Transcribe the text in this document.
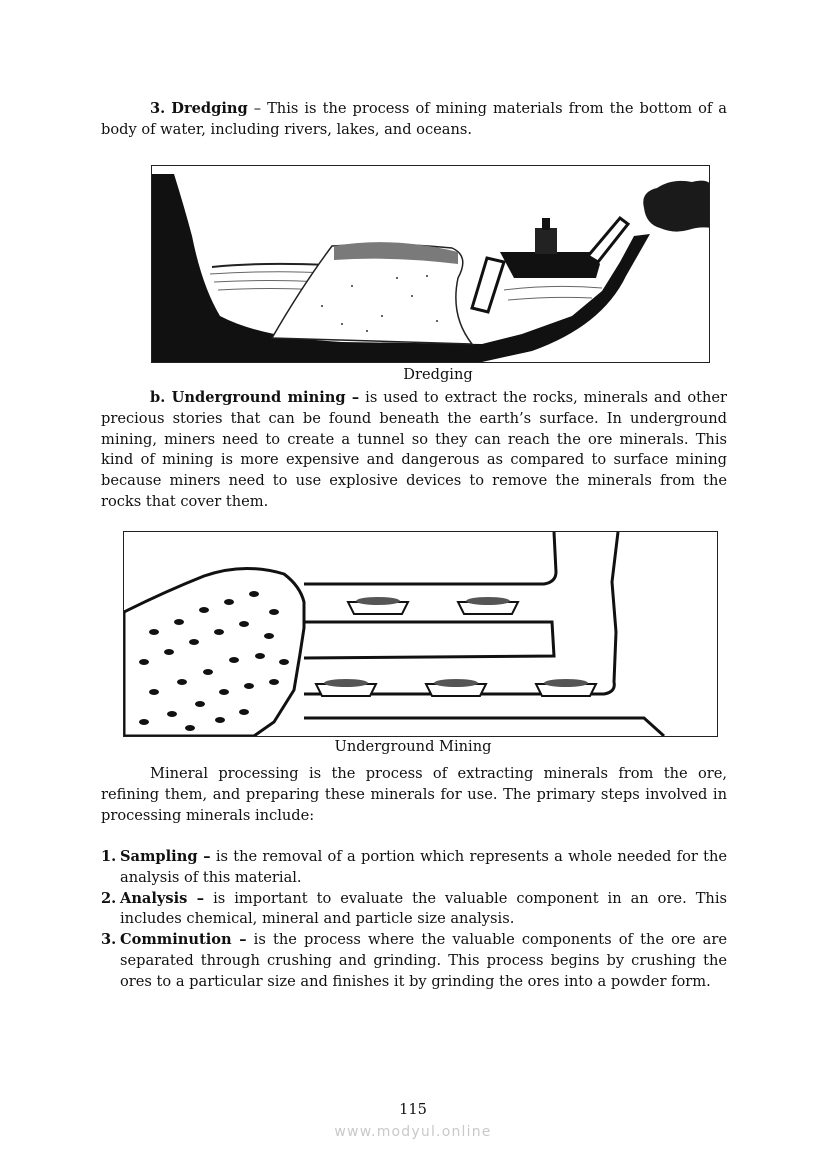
3. Dredging – This is the process of mining materials from the bottom of a body of water, including rivers, lakes, and oceans.

Dredging

b. Underground mining – is used to extract the rocks, minerals and other precious stories that can be found beneath the earth’s surface. In underground mining, miners need to create a tunnel so they can reach the ore minerals. This kind of mining is more expensive and dangerous as compared to surface mining because miners need to use explosive devices to remove the minerals from the rocks that cover them.

Underground Mining

Mineral processing is the process of extracting minerals from the ore, refining them, and preparing these minerals for use. The primary steps involved in processing minerals include:

1. Sampling – is the removal of a portion which represents a whole needed for the analysis of this material.
2. Analysis – is important to evaluate the valuable component in an ore. This includes chemical, mineral and particle size analysis.
3. Comminution – is the process where the valuable components of the ore are separated through crushing and grinding. This process begins by crushing the ores to a particular size and finishes it by grinding the ores into a powder form.
115
www.modyul.online
